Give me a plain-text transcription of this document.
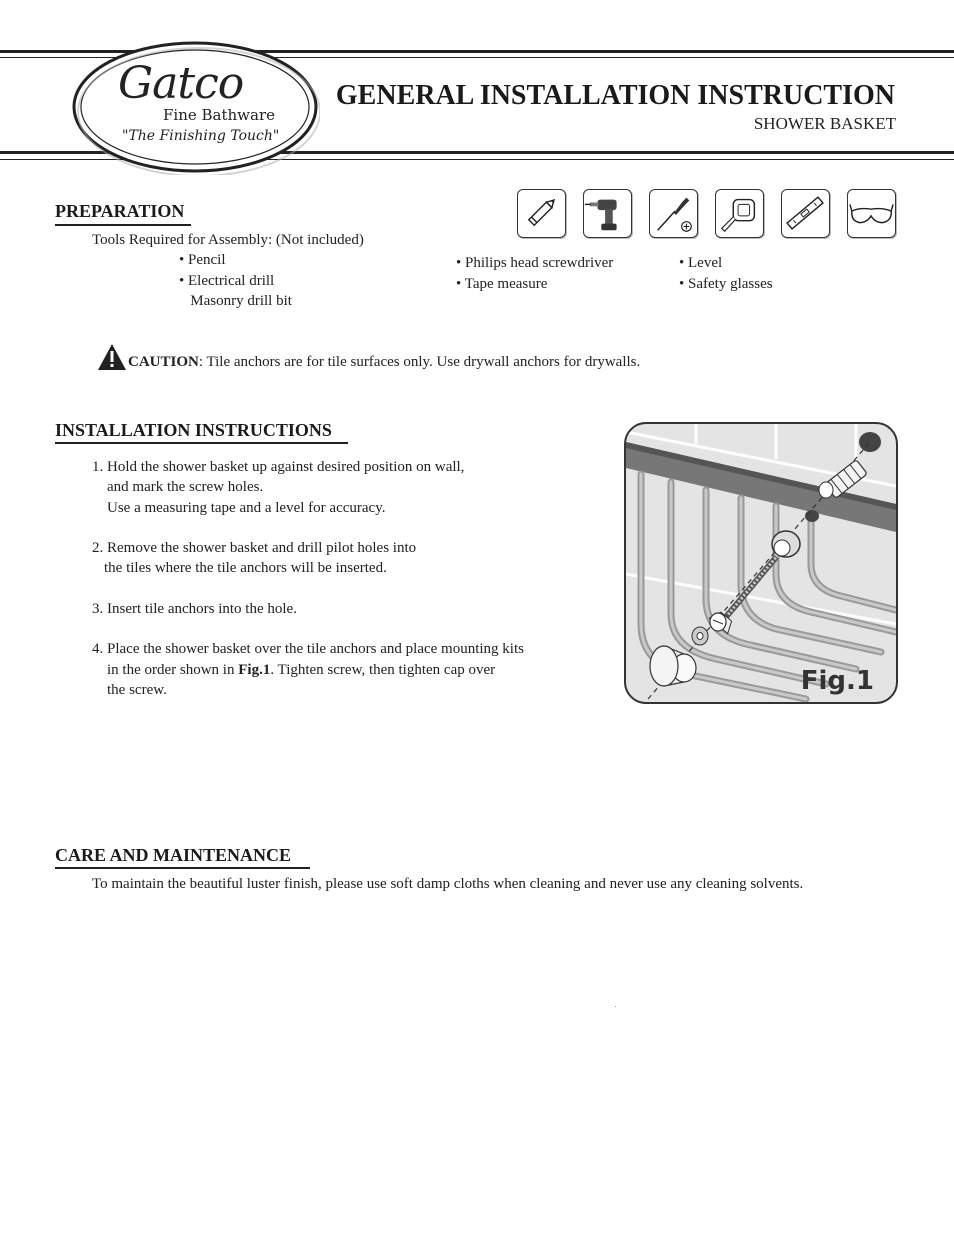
Gatco
Fine Bathware
"The Finishing Touch"
GENERAL INSTALLATION INSTRUCTION
SHOWER BASKET
PREPARATION
Tools Required for Assembly: (Not included)
• Pencil
• Electrical drill
Masonry drill bit
• Philips head screwdriver
• Tape measure
• Level
• Safety glasses
CAUTION: Tile anchors are for tile surfaces only. Use drywall anchors for drywalls.
INSTALLATION INSTRUCTIONS
1. Hold the shower basket up against desired position on wall,
and mark the screw holes.
Use a measuring tape and a level for accuracy.
2. Remove the shower basket and drill pilot holes into
the tiles where the tile anchors will be inserted.
3. Insert tile anchors into the hole.
4. Place the shower basket over the tile anchors and place mounting kits
in the order shown in Fig.1. Tighten screw, then tighten cap over
the screw.	Fig.1
CARE AND MAINTENANCE
To maintain the beautiful luster finish, please use soft damp cloths when cleaning and never use any cleaning solvents.
